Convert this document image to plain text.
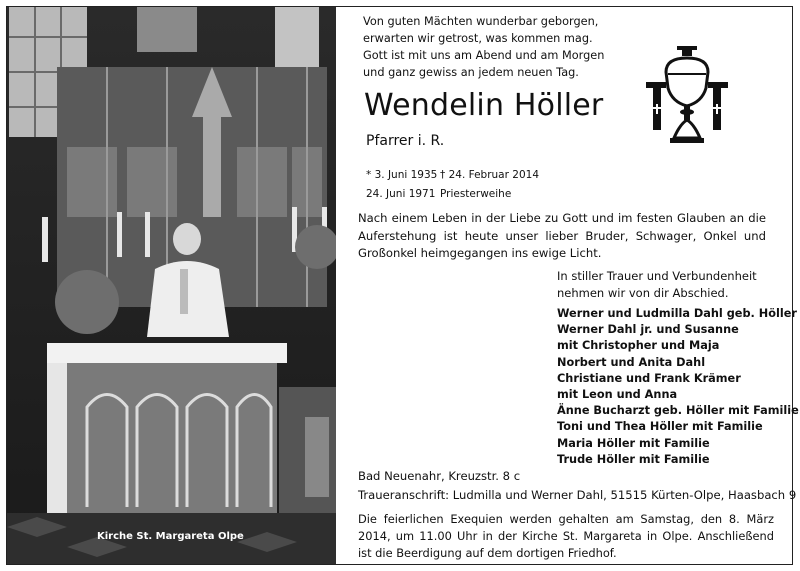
Kirche St. Margareta Olpe
Von guten Mächten wunderbar geborgen,
erwarten wir getrost, was kommen mag.
Gott ist mit uns am Abend und am Morgen
und ganz gewiss an jedem neuen Tag.
Wendelin Höller
Pfarrer i. R.
* 3. Juni 1935 † 24. Februar 2014
24. Juni 1971 Priesterweihe
Nach einem Leben in der Liebe zu Gott und im festen Glauben an die Auferstehung ist heute unser lieber Bruder, Schwager, Onkel und Großonkel heimgegangen ins ewige Licht.
In stiller Trauer und Verbundenheit
nehmen wir von dir Abschied.
Werner und Ludmilla Dahl geb. Höller
Werner Dahl jr. und Susanne
mit Christopher und Maja
Norbert und Anita Dahl
Christiane und Frank Krämer
mit Leon und Anna
Änne Bucharzt geb. Höller mit Familie
Toni und Thea Höller mit Familie
Maria Höller mit Familie
Trude Höller mit Familie
Bad Neuenahr, Kreuzstr. 8 c
Traueranschrift: Ludmilla und Werner Dahl, 51515 Kürten-Olpe, Haasbach 9
Die feierlichen Exequien werden gehalten am Samstag, den 8. März 2014, um 11.00 Uhr in der Kirche St. Margareta in Olpe. Anschließend ist die Beerdigung auf dem dortigen Friedhof.
